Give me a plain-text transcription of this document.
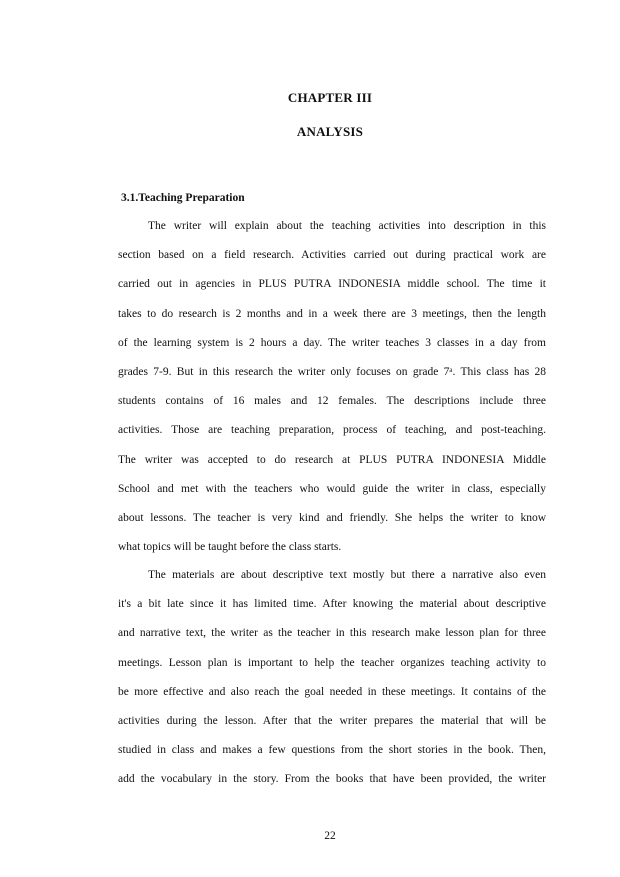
CHAPTER III
ANALYSIS
3.1.Teaching Preparation
The writer will explain about the teaching activities into description in this
section based on a field research. Activities carried out during practical work are
carried out in agencies in PLUS PUTRA INDONESIA middle school. The time it
takes to do research is 2 months and in a week there are 3 meetings, then the length
of the learning system is 2 hours a day. The writer teaches 3 classes in a day from
grades 7-9. But in this research the writer only focuses on grade 7ᵃ. This class has 28
students contains of 16 males and 12 females. The descriptions include three
activities. Those are teaching preparation, process of teaching, and post-teaching.
The writer was accepted to do research at PLUS PUTRA INDONESIA Middle
School and met with the teachers who would guide the writer in class, especially
about lessons. The teacher is very kind and friendly. She helps the writer to know
what topics will be taught before the class starts.
The materials are about descriptive text mostly but there a narrative also even
it's a bit late since it has limited time. After knowing the material about descriptive
and narrative text, the writer as the teacher in this research make lesson plan for three
meetings. Lesson plan is important to help the teacher organizes teaching activity to
be more effective and also reach the goal needed in these meetings. It contains of the
activities during the lesson. After that the writer prepares the material that will be
studied in class and makes a few questions from the short stories in the book. Then,
add the vocabulary in the story. From the books that have been provided, the writer
22
